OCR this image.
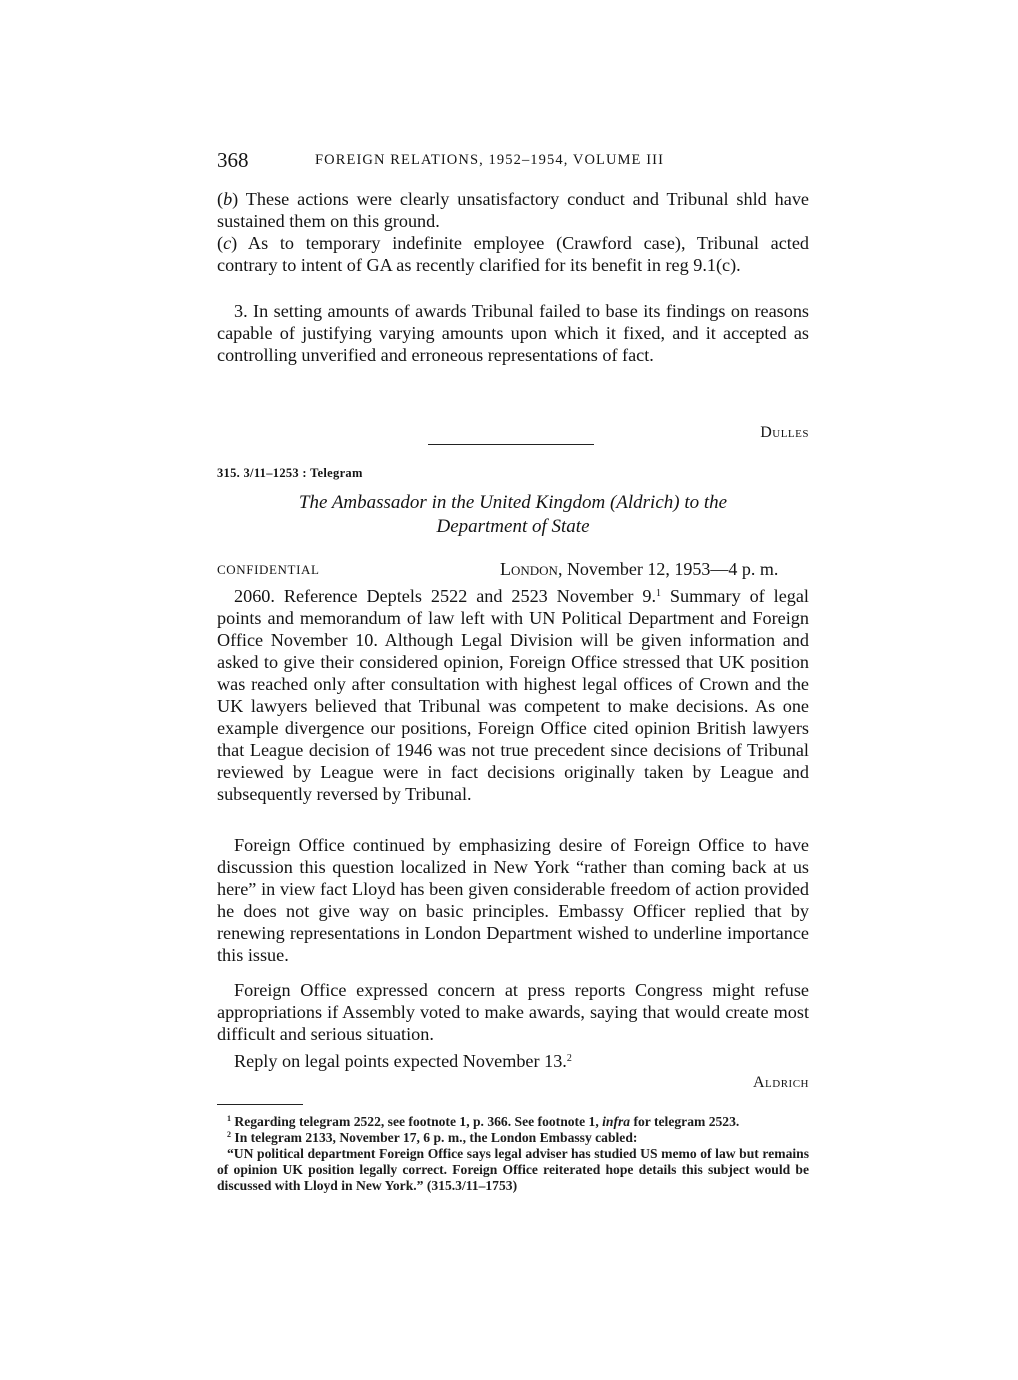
368	FOREIGN RELATIONS, 1952–1954, VOLUME III

(b) These actions were clearly unsatisfactory conduct and Tribunal shld have sustained them on this ground.
(c) As to temporary indefinite employee (Crawford case), Tribunal acted contrary to intent of GA as recently clarified for its benefit in reg 9.1(c).

3. In setting amounts of awards Tribunal failed to base its findings on reasons capable of justifying varying amounts upon which it fixed, and it accepted as controlling unverified and erroneous representations of fact.

Dulles
315. 3/11–1253 : Telegram

The Ambassador in the United Kingdom (Aldrich) to the
Department of State

CONFIDENTIAL	London, November 12, 1953—4 p. m.

2060. Reference Deptels 2522 and 2523 November 9.$^1$ Summary of legal points and memorandum of law left with UN Political Department and Foreign Office November 10. Although Legal Division will be given information and asked to give their considered opinion, Foreign Office stressed that UK position was reached only after consultation with highest legal offices of Crown and the UK lawyers believed that Tribunal was competent to make decisions. As one example divergence our positions, Foreign Office cited opinion British lawyers that League decision of 1946 was not true precedent since decisions of Tribunal reviewed by League were in fact decisions originally taken by League and subsequently reversed by Tribunal.

Foreign Office continued by emphasizing desire of Foreign Office to have discussion this question localized in New York “rather than coming back at us here” in view fact Lloyd has been given considerable freedom of action provided he does not give way on basic principles. Embassy Officer replied that by renewing representations in London Department wished to underline importance this issue.

Foreign Office expressed concern at press reports Congress might refuse appropriations if Assembly voted to make awards, saying that would create most difficult and serious situation.

Reply on legal points expected November 13.$^2$

Aldrich

$^1$ Regarding telegram 2522, see footnote 1, p. 366. See footnote 1, infra for telegram 2523.

$^2$ In telegram 2133, November 17, 6 p. m., the London Embassy cabled:

“UN political department Foreign Office says legal adviser has studied US memo of law but remains of opinion UK position legally correct. Foreign Office reiterated hope details this subject would be discussed with Lloyd in New York.” (315.3/11–1753)
